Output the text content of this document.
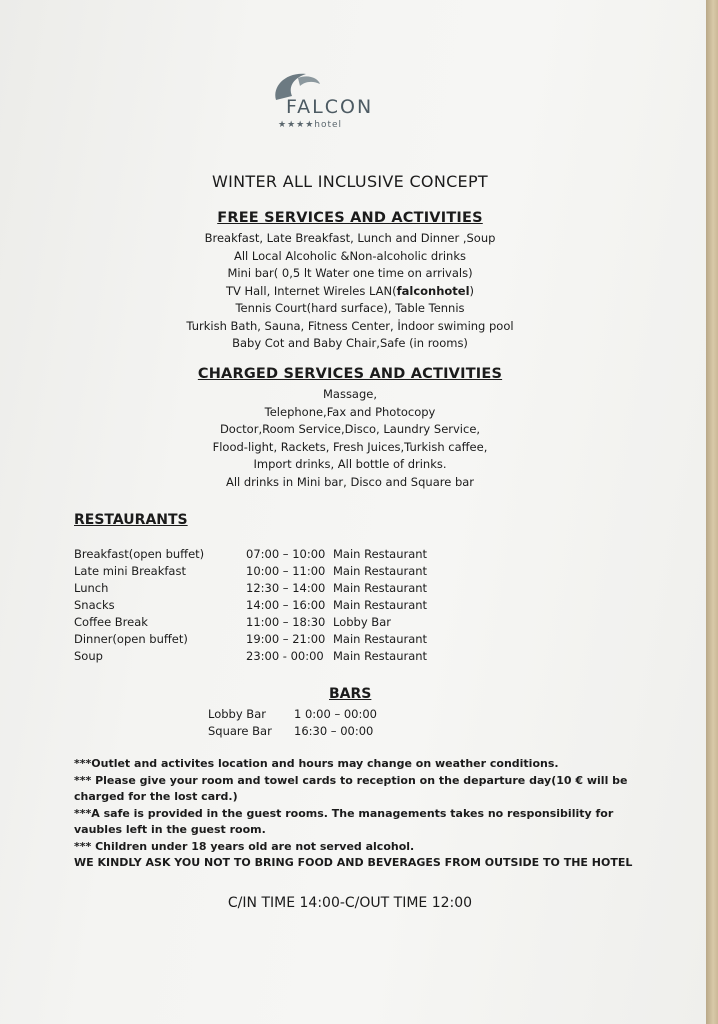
FALCON
★★★★hotel
WINTER ALL INCLUSIVE CONCEPT
FREE SERVICES AND ACTIVITIES
Breakfast, Late Breakfast, Lunch and Dinner ,Soup
All Local Alcoholic &Non-alcoholic drinks
Mini bar( 0,5 lt Water one time on arrivals)
TV Hall, Internet Wireles LAN(falconhotel)
Tennis Court(hard surface), Table Tennis
Turkish Bath, Sauna, Fitness Center, İndoor swiming pool
Baby Cot and Baby Chair,Safe (in rooms)
CHARGED SERVICES AND ACTIVITIES
Massage,
Telephone,Fax and Photocopy
Doctor,Room Service,Disco, Laundry Service,
Flood-light, Rackets, Fresh Juices,Turkish caffee,
Import drinks, All bottle of drinks.
All drinks in Mini bar, Disco and Square bar
RESTAURANTS
Breakfast(open buffet)	07:00 – 10:00 Main Restaurant
Late mini Breakfast	10:00 – 11:00 Main Restaurant
Lunch	12:30 – 14:00 Main Restaurant
Snacks	14:00 – 16:00 Main Restaurant
Coffee Break	11:00 – 18:30 Lobby Bar
Dinner(open buffet)	19:00 – 21:00 Main Restaurant
Soup	23:00 - 00:00 Main Restaurant
BARS
Lobby Bar 1 0:00 – 00:00
Square Bar 16:30 – 00:00
***Outlet and activites location and hours may change on weather conditions.
*** Please give your room and towel cards to reception on the departure day(10 € will be
charged for the lost card.)
***A safe is provided in the guest rooms. The managements takes no responsibility for
vaubles left in the guest room.
*** Children under 18 years old are not served alcohol.
WE KINDLY ASK YOU NOT TO BRING FOOD AND BEVERAGES FROM OUTSIDE TO THE HOTEL
C/IN TIME 14:00-C/OUT TIME 12:00
